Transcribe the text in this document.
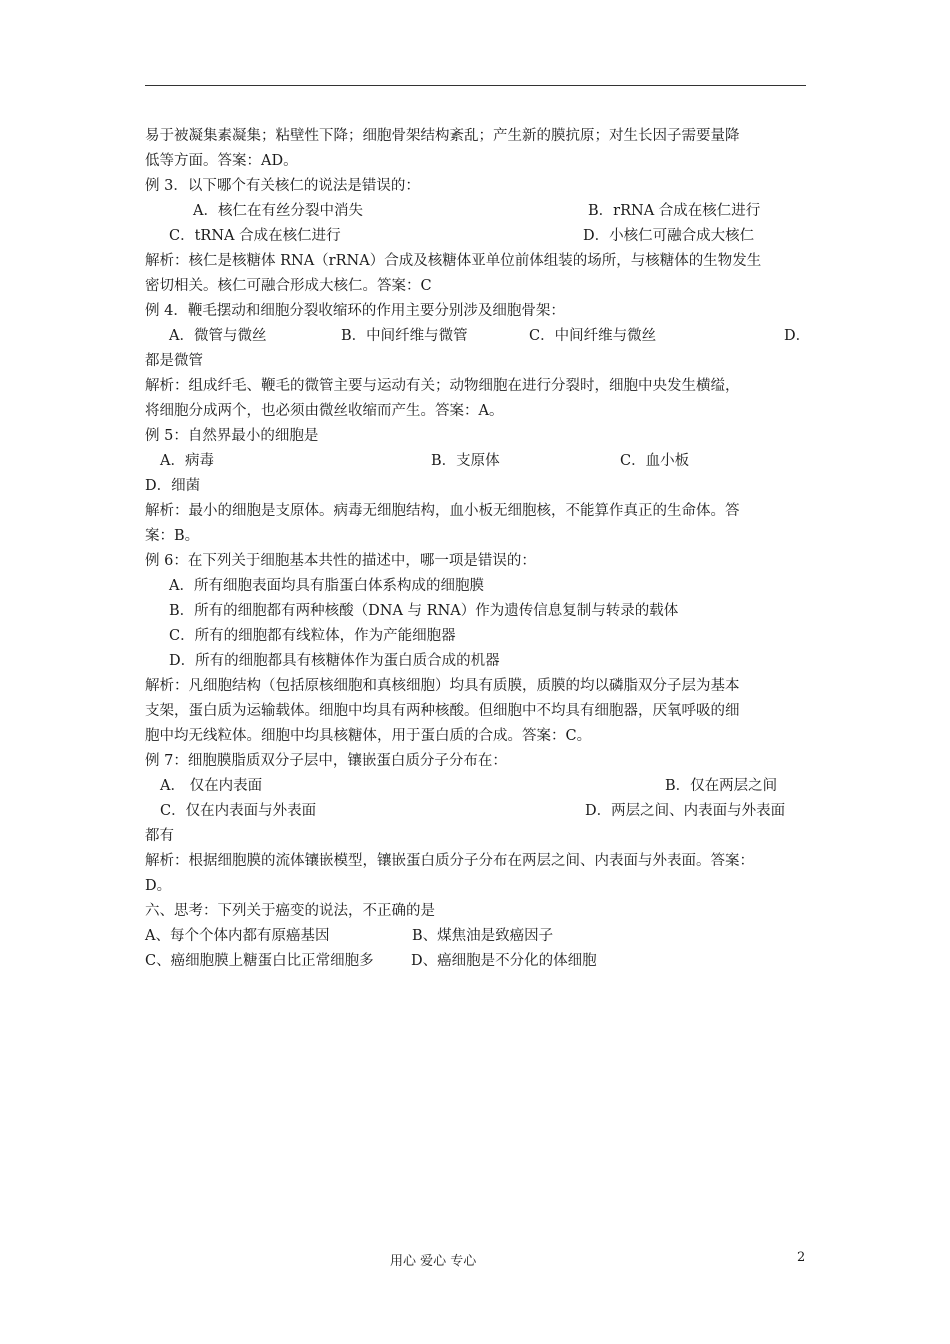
易于被凝集素凝集；粘壁性下降；细胞骨架结构紊乱；产生新的膜抗原；对生长因子需要量降
低等方面。答案：AD。
例 3．以下哪个有关核仁的说法是错误的：
A．核仁在有丝分裂中消失	B．rRNA 合成在核仁进行
C．tRNA 合成在核仁进行	D．小核仁可融合成大核仁
解析：核仁是核糖体 RNA（rRNA）合成及核糖体亚单位前体组装的场所，与核糖体的生物发生
密切相关。核仁可融合形成大核仁。答案：C
例 4．鞭毛摆动和细胞分裂收缩环的作用主要分别涉及细胞骨架：
A．微管与微丝	B．中间纤维与微管	C．中间纤维与微丝	D．
都是微管
解析：组成纤毛、鞭毛的微管主要与运动有关；动物细胞在进行分裂时，细胞中央发生横缢，
将细胞分成两个，也必须由微丝收缩而产生。答案：A。
例 5：自然界最小的细胞是
A．病毒	B．支原体	C．血小板
D．细菌
解析：最小的细胞是支原体。病毒无细胞结构，血小板无细胞核，不能算作真正的生命体。答
案：B。
例 6：在下列关于细胞基本共性的描述中，哪一项是错误的：
A．所有细胞表面均具有脂蛋白体系构成的细胞膜
B．所有的细胞都有两种核酸（DNA 与 RNA）作为遗传信息复制与转录的载体
C．所有的细胞都有线粒体，作为产能细胞器
D．所有的细胞都具有核糖体作为蛋白质合成的机器
解析：凡细胞结构（包括原核细胞和真核细胞）均具有质膜，质膜的均以磷脂双分子层为基本
支架，蛋白质为运输载体。细胞中均具有两种核酸。但细胞中不均具有细胞器，厌氧呼吸的细
胞中均无线粒体。细胞中均具核糖体，用于蛋白质的合成。答案：C。
例 7：细胞膜脂质双分子层中，镶嵌蛋白质分子分布在：
A． 仅在内表面	B．仅在两层之间
C．仅在内表面与外表面	D．两层之间、内表面与外表面
都有
解析：根据细胞膜的流体镶嵌模型，镶嵌蛋白质分子分布在两层之间、内表面与外表面。答案：
D。
六、思考：下列关于癌变的说法，不正确的是
A、每个个体内都有原癌基因	B、煤焦油是致癌因子
C、癌细胞膜上糖蛋白比正常细胞多	D、癌细胞是不分化的体细胞
用心 爱心 专心	2
